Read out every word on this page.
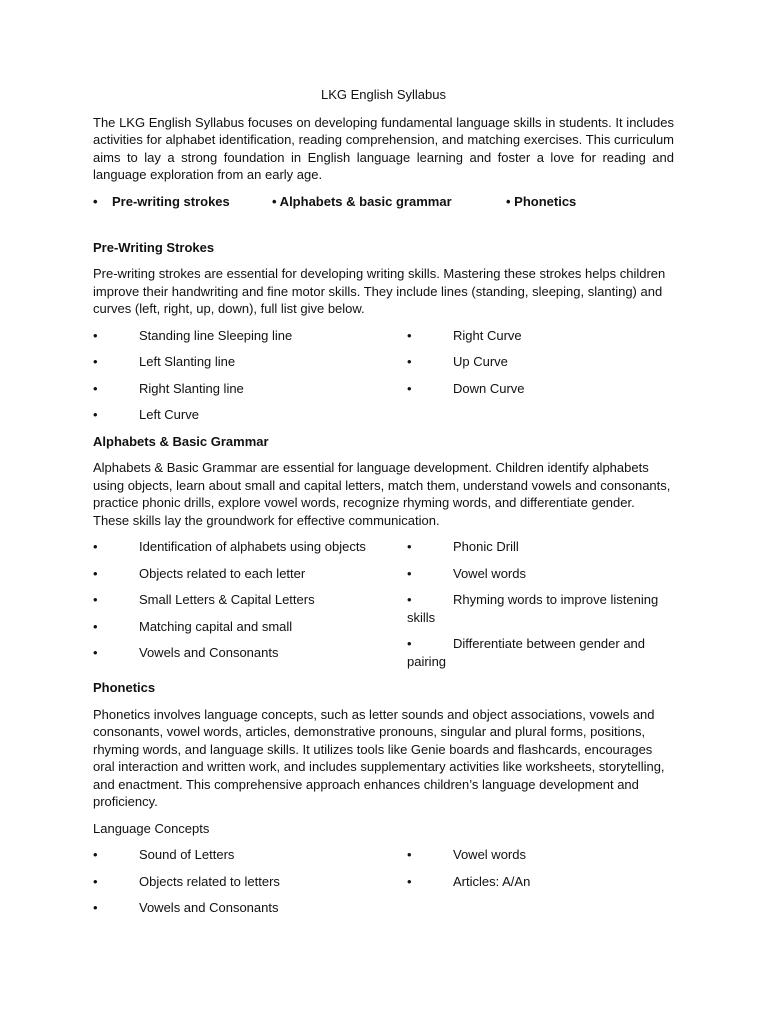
LKG English Syllabus

The LKG English Syllabus focuses on developing fundamental language skills in students. It includes activities for alphabet identification, reading comprehension, and matching exercises. This curriculum aims to lay a strong foundation in English language learning and foster a love for reading and language exploration from an early age.

• Pre-writing strokes	• Alphabets & basic grammar	• Phonetics
Pre-Writing Strokes

Pre-writing strokes are essential for developing writing skills. Mastering these strokes helps children improve their handwriting and fine motor skills. They include lines (standing, sleeping, slanting) and curves (left, right, up, down), full list give below.

•	Standing line Sleeping line
•	Left Slanting line
•	Right Slanting line
•	Left Curve
•	Right Curve
•	Up Curve
•	Down Curve
Alphabets & Basic Grammar

Alphabets & Basic Grammar are essential for language development. Children identify alphabets using objects, learn about small and capital letters, match them, understand vowels and consonants, practice phonic drills, explore vowel words, recognize rhyming words, and differentiate gender. These skills lay the groundwork for effective communication.

•	Identification of alphabets using objects
•	Objects related to each letter
•	Small Letters & Capital Letters
•	Matching capital and small
•	Vowels and Consonants
•	Phonic Drill
•	Vowel words
•	Rhyming words to improve listening skills
•	Differentiate between gender and pairing
Phonetics

Phonetics involves language concepts, such as letter sounds and object associations, vowels and consonants, vowel words, articles, demonstrative pronouns, singular and plural forms, positions, rhyming words, and language skills. It utilizes tools like Genie boards and flashcards, encourages oral interaction and written work, and includes supplementary activities like worksheets, storytelling, and enactment. This comprehensive approach enhances children’s language development and proficiency.

Language Concepts

•	Sound of Letters
•	Objects related to letters
•	Vowels and Consonants
•	Vowel words
•	Articles: A/An
